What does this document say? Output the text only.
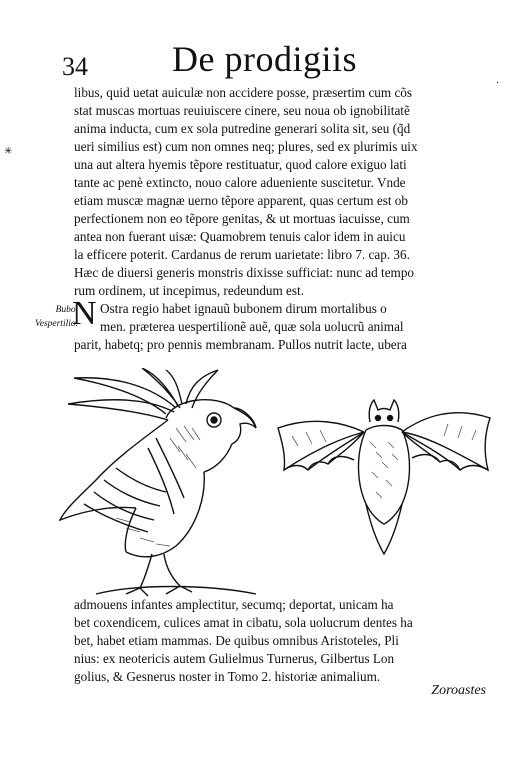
34 De prodigiis
✳
·
libus, quid uetat auiculæ non accidere posse, præsertim cum cõs
stat muscas mortuas reuiuiscere cinere, seu noua ob ignobilitatẽ
anima inducta, cum ex sola putredine generari solita sit, seu (q̃d
ueri similius est) cum non omnes neq; plures, sed ex plurimis uix
una aut altera hyemis tẽpore restituatur, quod calore exiguo lati
tante ac penè extincto, nouo calore adueniente suscitetur. Vnde
etiam muscæ magnæ uerno tẽpore apparent, quas certum est ob
perfectionem non eo tẽpore genitas, & ut mortuas iacuisse, cum
antea non fuerant uisæ: Quamobrem tenuis calor idem in auicu
la efficere poterit. Cardanus de rerum uarietate: libro 7. cap. 36.
Hæc de diuersi generis monstris dixisse sufficiat: nunc ad tempo
rum ordinem, ut incepimus, redeundum est.
Bubo.
Vespertilio.
N Ostra regio habet ignauũ bubonem dirum mortalibus o
men. præterea uespertilionẽ auẽ, quæ sola uolucrũ animal
parit, habetq; pro pennis membranam. Pullos nutrit lacte, ubera
admouens infantes amplectitur, secumq; deportat, unicam ha
bet coxendicem, culices amat in cibatu, sola uolucrum dentes ha
bet, habet etiam mammas. De quibus omnibus Aristoteles, Pli
nius: ex neotericis autem Gulielmus Turnerus, Gilbertus Lon
golius, & Gesnerus noster in Tomo 2. historiæ animalium.
Zoroastes
